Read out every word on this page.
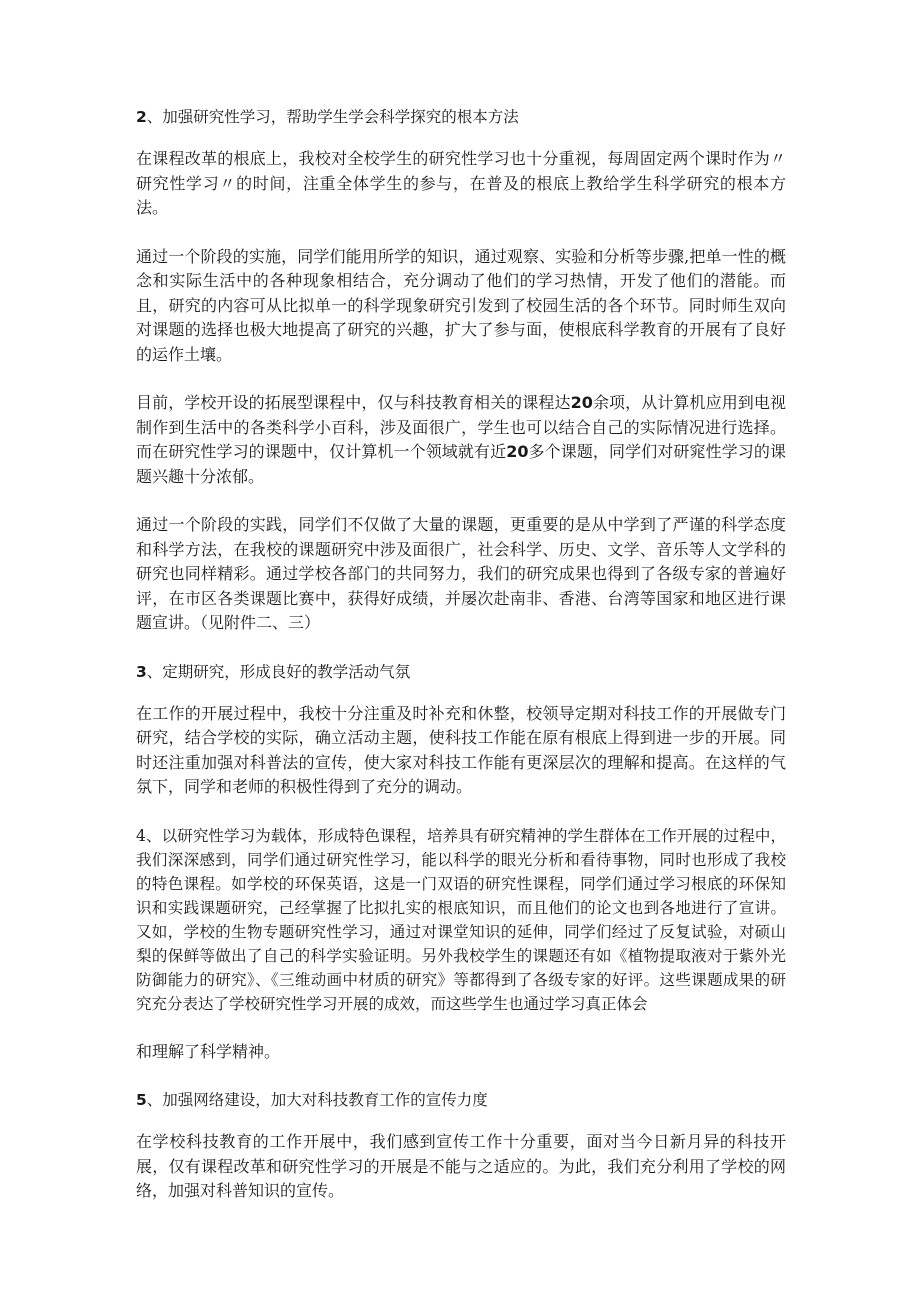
2、加强研究性学习，帮助学生学会科学探究的根本方法

在课程改革的根底上，我校对全校学生的研究性学习也十分重视，每周固定两个课时作为〃研究性学习〃的时间，注重全体学生的参与，在普及的根底上教给学生科学研究的根本方法。

通过一个阶段的实施，同学们能用所学的知识，通过观察、实验和分析等步骤,把单一性的概念和实际生活中的各种现象相结合，充分调动了他们的学习热情，开发了他们的潜能。而且，研究的内容可从比拟单一的科学现象研究引发到了校园生活的各个环节。同时师生双向对课题的选择也极大地提高了研究的兴趣，扩大了参与面，使根底科学教育的开展有了良好的运作土壤。

目前，学校开设的拓展型课程中，仅与科技教育相关的课程达20余项，从计算机应用到电视制作到生活中的各类科学小百科，涉及面很广，学生也可以结合自己的实际情况进行选择。而在研究性学习的课题中，仅计算机一个领域就有近20多个课题，同学们对研窕性学习的课题兴趣十分浓郁。

通过一个阶段的实践，同学们不仅做了大量的课题，更重要的是从中学到了严谨的科学态度和科学方法，在我校的课题研究中涉及面很广，社会科学、历史、文学、音乐等人文学科的研究也同样精彩。通过学校各部门的共同努力，我们的研究成果也得到了各级专家的普遍好评，在市区各类课题比赛中，获得好成绩，并屡次赴南非、香港、台湾等国家和地区进行课题宣讲。（见附件二、三）

3、定期研究，形成良好的教学活动气氛

在工作的开展过程中，我校十分注重及时补充和休整，校领导定期对科技工作的开展做专门研究，结合学校的实际，确立活动主题，使科技工作能在原有根底上得到进一步的开展。同时还注重加强对科普法的宣传，使大家对科技工作能有更深层次的理解和提高。在这样的气氛下，同学和老师的积极性得到了充分的调动。

4、以研究性学习为载体，形成特色课程，培养具有研究精神的学生群体在工作开展的过程中，我们深深感到，同学们通过研究性学习，能以科学的眼光分析和看待事物，同时也形成了我校的特色课程。如学校的环保英语，这是一门双语的研究性课程，同学们通过学习根底的环保知识和实践课题研究，己经掌握了比拟扎实的根底知识，而且他们的论文也到各地进行了宣讲。又如，学校的生物专题研究性学习，通过对课堂知识的延伸，同学们经过了反复试验，对硕山梨的保鲜等做出了自己的科学实验证明。另外我校学生的课题还有如《植物提取液对于紫外光防御能力的研究》、《三维动画中材质的研究》等都得到了各级专家的好评。这些课题成果的研究充分表达了学校研究性学习开展的成效，而这些学生也通过学习真正体会

和理解了科学精神。

5、加强网络建设，加大对科技教育工作的宣传力度

在学校科技教育的工作开展中，我们感到宣传工作十分重要，面对当今日新月异的科技开展，仅有课程改革和研究性学习的开展是不能与之适应的。为此，我们充分利用了学校的网络，加强对科普知识的宣传。
